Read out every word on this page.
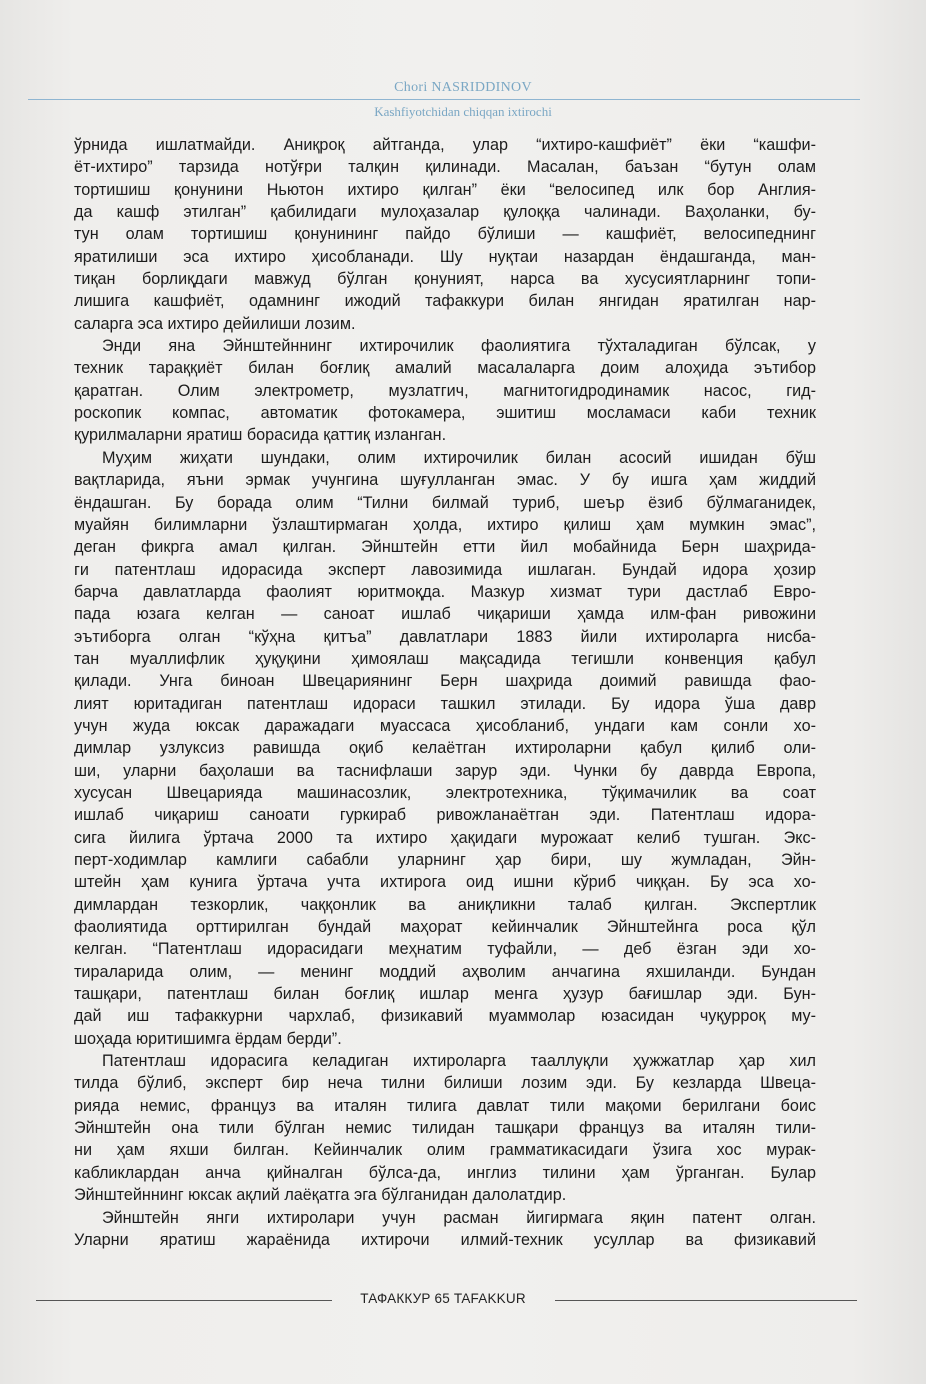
Chori NASRIDDINOV
Kashfiyotchidan chiqqan ixtirochi

ўрнида ишлатмайди. Аниқроқ айтганда, улар “ихтиро-кашфиёт” ёки “кашфи-
ёт-ихтиро” тарзида нотўғри талқин қилинади. Масалан, баъзан “бутун олам
тортишиш қонунини Ньютон ихтиро қилган” ёки “велосипед илк бор Англия-
да кашф этилган” қабилидаги мулоҳазалар қулоққа чалинади. Ваҳоланки, бу-
тун олам тортишиш қонунининг пайдо бўлиши — кашфиёт, велосипеднинг
яратилиши эса ихтиро ҳисобланади. Шу нуқтаи назардан ёндашганда, ман-
тиқан борлиқдаги мавжуд бўлган қонуният, нарса ва хусусиятларнинг топи-
лишига кашфиёт, одамнинг ижодий тафаккури билан янгидан яратилган нар-
саларга эса ихтиро дейилиши лозим.

Энди яна Эйнштейннинг ихтирочилик фаолиятига тўхталадиган бўлсак, у
техник тараққиёт билан боғлиқ амалий масалаларга доим алоҳида эътибор
қаратган. Олим электрометр, музлатгич, магнитогидродинамик насос, гид-
роскопик компас, автоматик фотокамера, эшитиш мосламаси каби техник
қурилмаларни яратиш борасида қаттиқ изланган.

Муҳим жиҳати шундаки, олим ихтирочилик билан асосий ишидан бўш
вақтларида, яъни эрмак учунгина шуғулланган эмас. У бу ишга ҳам жиддий
ёндашган. Бу борада олим “Тилни билмай туриб, шеър ёзиб бўлмаганидек,
муайян билимларни ўзлаштирмаган ҳолда, ихтиро қилиш ҳам мумкин эмас”,
деган фикрга амал қилган. Эйнштейн етти йил мобайнида Берн шаҳрида-
ги патентлаш идорасида эксперт лавозимида ишлаган. Бундай идора ҳозир
барча давлатларда фаолият юритмоқда. Мазкур хизмат тури дастлаб Евро-
пада юзага келган — саноат ишлаб чиқариши ҳамда илм-фан ривожини
эътиборга олган “кўҳна қитъа” давлатлари 1883 йили ихтироларга нисба-
тан муаллифлик ҳуқуқини ҳимоялаш мақсадида тегишли конвенция қабул
қилади. Унга биноан Швецариянинг Берн шаҳрида доимий равишда фао-
лият юритадиган патентлаш идораси ташкил этилади. Бу идора ўша давр
учун жуда юксак даражадаги муассаса ҳисобланиб, ундаги кам сонли хо-
димлар узлуксиз равишда оқиб келаётган ихтироларни қабул қилиб оли-
ши, уларни баҳолаши ва таснифлаши зарур эди. Чунки бу даврда Европа,
хусусан Швецарияда машинасозлик, электротехника, тўқимачилик ва соат
ишлаб чиқариш саноати гуркираб ривожланаётган эди. Патентлаш идора-
сига йилига ўртача 2000 та ихтиро ҳақидаги мурожаат келиб тушган. Экс-
перт-ходимлар камлиги сабабли уларнинг ҳар бири, шу жумладан, Эйн-
штейн ҳам кунига ўртача учта ихтирога оид ишни кўриб чиққан. Бу эса хо-
димлардан тезкорлик, чаққонлик ва аниқликни талаб қилган. Экспертлик
фаолиятида орттирилган бундай маҳорат кейинчалик Эйнштейнга роса қўл
келган. “Патентлаш идорасидаги меҳнатим туфайли, — деб ёзган эди хо-
тираларида олим, — менинг моддий аҳволим анчагина яхшиланди. Бундан
ташқари, патентлаш билан боғлиқ ишлар менга ҳузур бағишлар эди. Бун-
дай иш тафаккурни чархлаб, физикавий муаммолар юзасидан чуқурроқ му-
шоҳада юритишимга ёрдам берди”.

Патентлаш идорасига келадиган ихтироларга тааллуқли ҳужжатлар ҳар хил
тилда бўлиб, эксперт бир неча тилни билиши лозим эди. Бу кезларда Швеца-
рияда немис, француз ва италян тилига давлат тили мақоми берилгани боис
Эйнштейн она тили бўлган немис тилидан ташқари француз ва италян тили-
ни ҳам яхши билган. Кейинчалик олим грамматикасидаги ўзига хос мурак-
кабликлардан анча қийналган бўлса-да, инглиз тилини ҳам ўрганган. Булар
Эйнштейннинг юксак ақлий лаёқатга эга бўлганидан далолатдир.

Эйнштейн янги ихтиролари учун расман йигирмага яқин патент олган.
Уларни яратиш жараёнида ихтирочи илмий-техник усуллар ва физикавий

ТАФАККУР 65 TAFAKKUR
